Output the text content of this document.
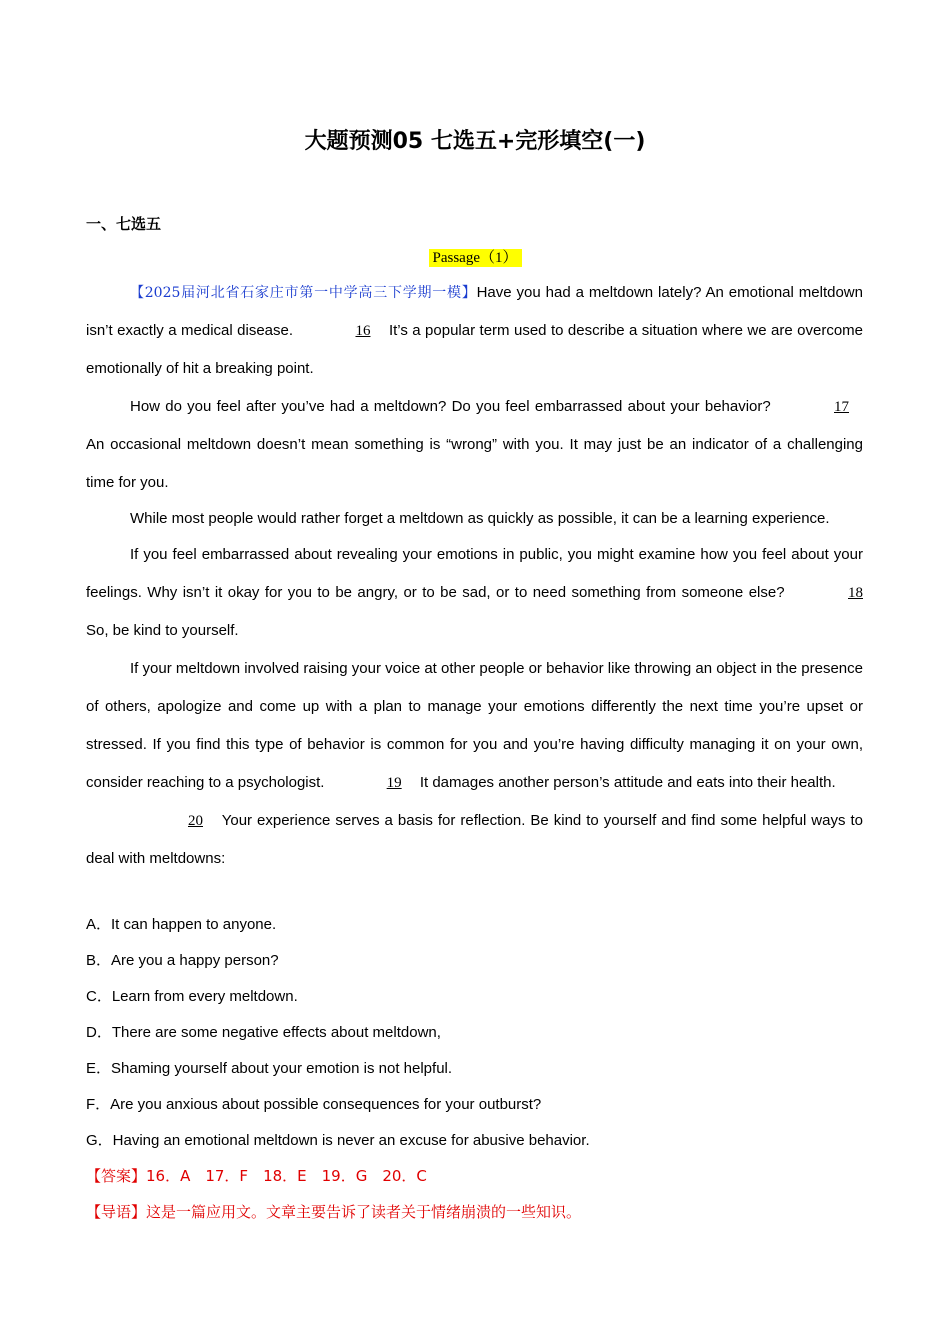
大题预测05 七选五+完形填空(一)
一、七选五
Passage（1）

【2025届河北省石家庄市第一中学高三下学期一模】Have you had a meltdown lately? An emotional meltdown isn’t exactly a medical disease.	16 It’s a popular term used to describe a situation where we are overcome emotionally of hit a breaking point.

How do you feel after you’ve had a meltdown? Do you feel embarrassed about your behavior?	17 An occasional meltdown doesn’t mean something is “wrong” with you. It may just be an indicator of a challenging time for you.

While most people would rather forget a meltdown as quickly as possible, it can be a learning experience.

If you feel embarrassed about revealing your emotions in public, you might examine how you feel about your feelings. Why isn’t it okay for you to be angry, or to be sad, or to need something from someone else?	18 So, be kind to yourself.

If your meltdown involved raising your voice at other people or behavior like throwing an object in the presence of others, apologize and come up with a plan to manage your emotions differently the next time you’re upset or stressed. If you find this type of behavior is common for you and you’re having difficulty managing it on your own, consider reaching to a psychologist.	19 It damages another person’s attitude and eats into their health.

20 Your experience serves a basis for reflection. Be kind to yourself and find some helpful ways to deal with meltdowns:

A．It can happen to anyone.
B．Are you a happy person?
C．Learn from every meltdown.
D．There are some negative effects about meltdown,
E．Shaming yourself about your emotion is not helpful.
F．Are you anxious about possible consequences for your outburst?
G．Having an emotional meltdown is never an excuse for abusive behavior.
【答案】16．A　17．F　18．E　19．G　20．C
【导语】这是一篇应用文。文章主要告诉了读者关于情绪崩溃的一些知识。
